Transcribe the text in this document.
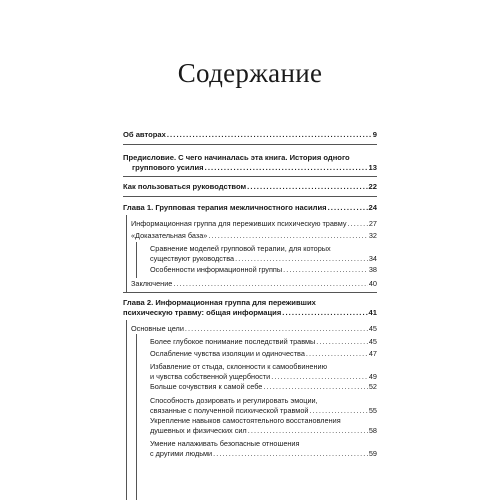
Содержание
Об авторах .....	9
Предисловие. С чего начиналась эта книга. История одного
группового усилия .....	13
Как пользоваться руководством .....	22
Глава 1. Групповая терапия межличностного насилия .....	24
Информационная группа для переживших психическую травму .....	27
«Доказательная база» .....	32
Сравнение моделей групповой терапии, для которых
существуют руководства .....	34
Особенности информационной группы .....	38
Заключение .....	40
Глава 2. Информационная группа для переживших
психическую травму: общая информация .....	41
Основные цели .....	45
Более глубокое понимание последствий травмы .....	45
Ослабление чувства изоляции и одиночества .....	47
Избавление от стыда, склонности к самообвинению
и чувства собственной ущербности .....	49
Больше сочувствия к самой себе .....	52
Способность дозировать и регулировать эмоции,
связанные с полученной психической травмой .....	55
Укрепление навыков самостоятельного восстановления
душевных и физических сил .....	58
Умение налаживать безопасные отношения
с другими людьми .....	59
